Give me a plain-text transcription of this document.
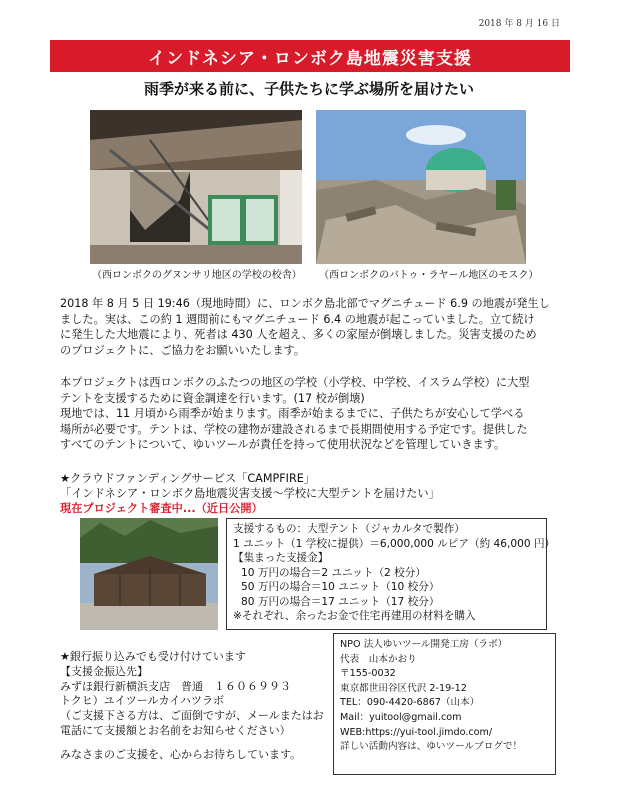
2018 年 8 月 16 日
インドネシア・ロンボク島地震災害支援
雨季が来る前に、子供たちに学ぶ場所を届けたい
（西ロンボクのグヌンサリ地区の学校の校舎） （西ロンボクのバトゥ・ラヤール地区のモスク）
2018 年 8 月 5 日 19:46（現地時間）に、ロンボク島北部でマグニチュード 6.9 の地震が発生し
ました。実は、この約 1 週間前にもマグニチュード 6.4 の地震が起こっていました。立て続け
に発生した大地震により、死者は 430 人を超え、多くの家屋が倒壊しました。災害支援のため
のプロジェクトに、ご協力をお願いいたします。
本プロジェクトは西ロンボクのふたつの地区の学校（小学校、中学校、イスラム学校）に大型
テントを支援するために資金調達を行います。(17 校が倒壊)
現地では、11 月頃から雨季が始まります。雨季が始まるまでに、子供たちが安心して学べる
場所が必要です。テントは、学校の建物が建設されるまで長期間使用する予定です。提供した
すべてのテントについて、ゆいツールが責任を持って使用状況などを管理していきます。
★クラウドファンディングサービス「CAMPFIRE」
「インドネシア・ロンボク島地震災害支援～学校に大型テントを届けたい」
現在プロジェクト審査中...（近日公開）
支援するもの：大型テント（ジャカルタで製作）
1 ユニット（1 学校に提供）＝6,000,000 ルピア（約 46,000 円）
【集まった支援金】
10 万円の場合＝2 ユニット（2 校分）
50 万円の場合＝10 ユニット（10 校分）
80 万円の場合＝17 ユニット（17 校分）
※それぞれ、余ったお金で住宅再建用の材料を購入
★銀行振り込みでも受け付けています
【支援金振込先】
みずほ銀行新横浜支店　普通　１６０６９９３
トクヒ）ユイツールカイハツラボ
（ご支援下さる方は、ご面倒ですが、メールまたはお
電話にて支援額とお名前をお知らせください）
みなさまのご支援を、心からお待ちしています。
NPO 法人ゆいツール開発工房（ラボ）
代表　山本かおり
〒155-0032
東京都世田谷区代沢 2-19-12
TEL：090-4420-6867（山本）
Mail：yuitool@gmail.com
WEB:https://yui-tool.jimdo.com/
詳しい活動内容は、ゆいツールブログで！
